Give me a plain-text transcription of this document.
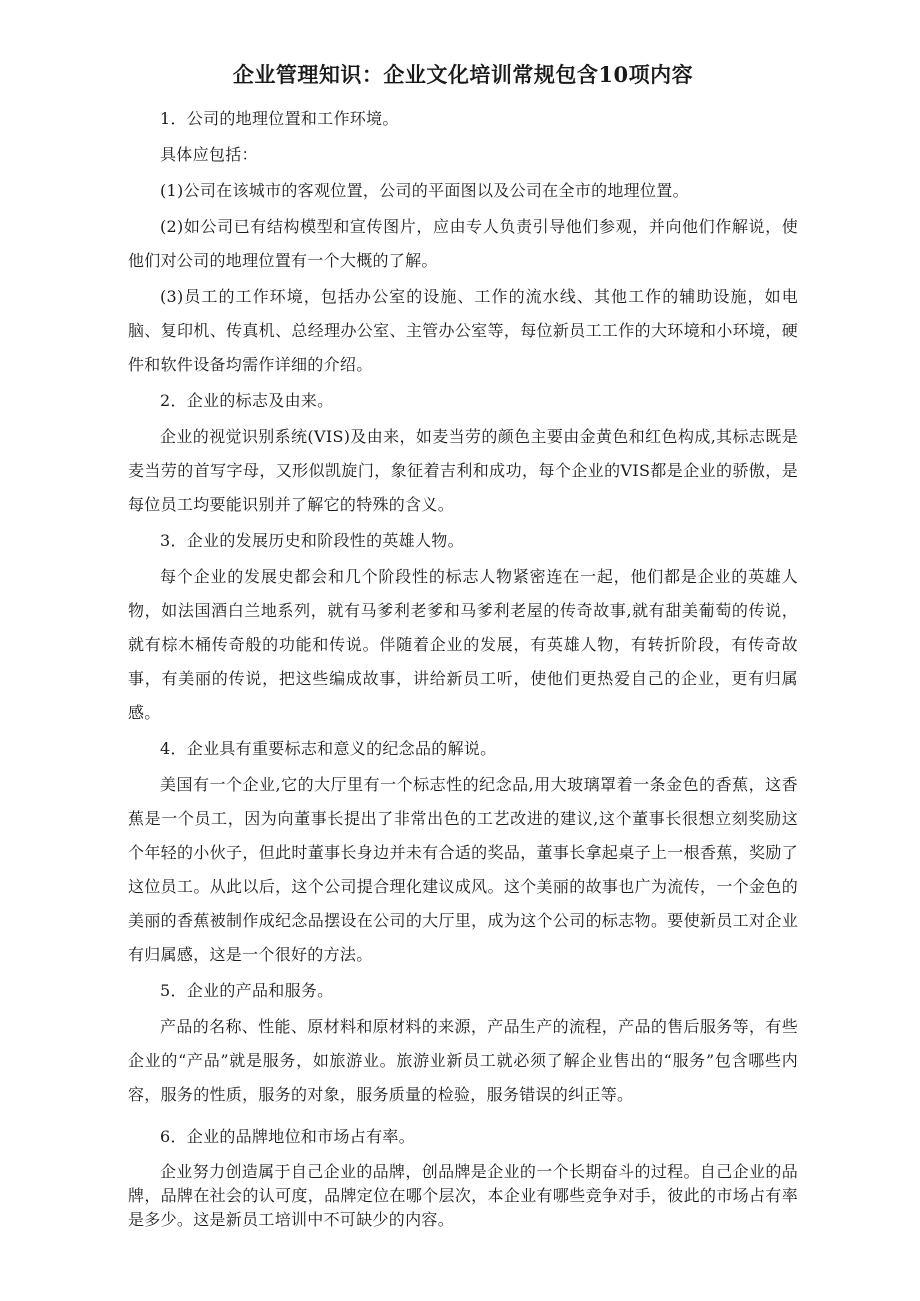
企业管理知识：企业文化培训常规包含10项内容

1．公司的地理位置和工作环境。

具体应包括：

(1)公司在该城市的客观位置，公司的平面图以及公司在全市的地理位置。

(2)如公司已有结构模型和宣传图片，应由专人负责引导他们参观，并向他们作解说，使他们对公司的地理位置有一个大概的了解。

(3)员工的工作环境，包括办公室的设施、工作的流水线、其他工作的辅助设施，如电脑、复印机、传真机、总经理办公室、主管办公室等，每位新员工工作的大环境和小环境，硬件和软件设备均需作详细的介绍。

2．企业的标志及由来。

企业的视觉识别系统(VIS)及由来，如麦当劳的颜色主要由金黄色和红色构成,其标志既是麦当劳的首写字母，又形似凯旋门，象征着吉利和成功，每个企业的VIS都是企业的骄傲，是每位员工均要能识别并了解它的特殊的含义。

3．企业的发展历史和阶段性的英雄人物。

每个企业的发展史都会和几个阶段性的标志人物紧密连在一起，他们都是企业的英雄人物，如法国酒白兰地系列，就有马爹利老爹和马爹利老屋的传奇故事,就有甜美葡萄的传说，就有棕木桶传奇般的功能和传说。伴随着企业的发展，有英雄人物，有转折阶段，有传奇故事，有美丽的传说，把这些编成故事，讲给新员工听，使他们更热爱自己的企业，更有归属感。

4．企业具有重要标志和意义的纪念品的解说。

美国有一个企业,它的大厅里有一个标志性的纪念品,用大玻璃罩着一条金色的香蕉，这香蕉是一个员工，因为向董事长提出了非常出色的工艺改进的建议,这个董事长很想立刻奖励这个年轻的小伙子，但此时董事长身边并未有合适的奖品，董事长拿起桌子上一根香蕉，奖励了这位员工。从此以后，这个公司提合理化建议成风。这个美丽的故事也广为流传，一个金色的美丽的香蕉被制作成纪念品摆设在公司的大厅里，成为这个公司的标志物。要使新员工对企业有归属感，这是一个很好的方法。

5．企业的产品和服务。

产品的名称、性能、原材料和原材料的来源，产品生产的流程，产品的售后服务等，有些企业的“产品”就是服务，如旅游业。旅游业新员工就必须了解企业售出的“服务”包含哪些内容，服务的性质，服务的对象，服务质量的检验，服务错误的纠正等。

6．企业的品牌地位和市场占有率。

企业努力创造属于自己企业的品牌，创品牌是企业的一个长期奋斗的过程。自己企业的品牌，品牌在社会的认可度，品牌定位在哪个层次，本企业有哪些竞争对手，彼此的市场占有率是多少。这是新员工培训中不可缺少的内容。
